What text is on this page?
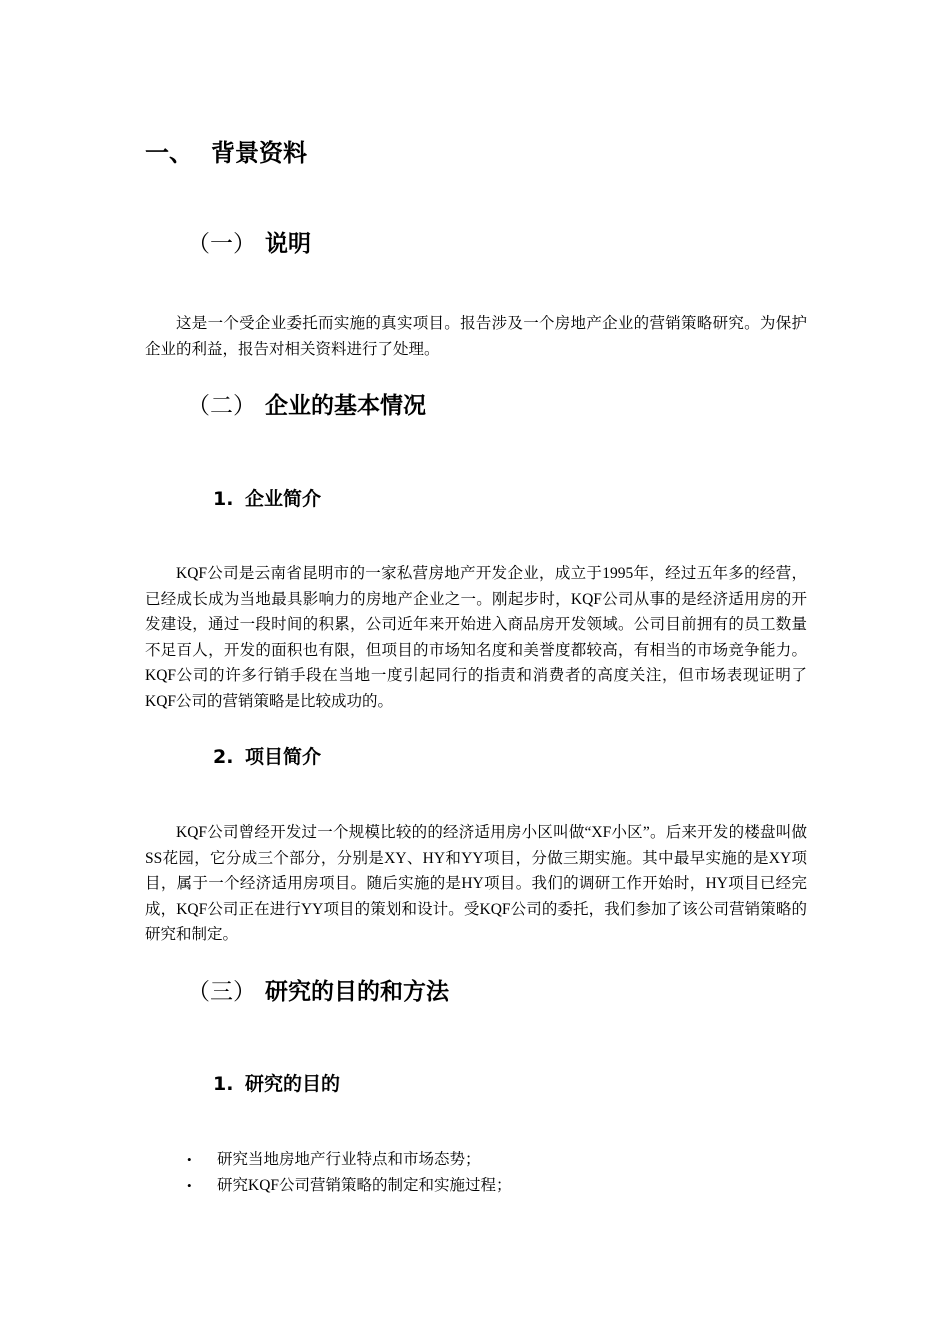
一、 背景资料
（一） 说明

这是一个受企业委托而实施的真实项目。报告涉及一个房地产企业的营销策略研究。为保护企业的利益，报告对相关资料进行了处理。

（二） 企业的基本情况
1. 企业简介

KQF公司是云南省昆明市的一家私营房地产开发企业，成立于1995年，经过五年多的经营，已经成长成为当地最具影响力的房地产企业之一。刚起步时，KQF公司从事的是经济适用房的开发建设，通过一段时间的积累，公司近年来开始进入商品房开发领域。公司目前拥有的员工数量不足百人，开发的面积也有限，但项目的市场知名度和美誉度都较高，有相当的市场竞争能力。KQF公司的许多行销手段在当地一度引起同行的指责和消费者的高度关注，但市场表现证明了KQF公司的营销策略是比较成功的。

2. 项目简介

KQF公司曾经开发过一个规模比较的的经济适用房小区叫做“XF小区”。后来开发的楼盘叫做SS花园，它分成三个部分，分别是XY、HY和YY项目，分做三期实施。其中最早实施的是XY项目，属于一个经济适用房项目。随后实施的是HY项目。我们的调研工作开始时，HY项目已经完成，KQF公司正在进行YY项目的策划和设计。受KQF公司的委托，我们参加了该公司营销策略的研究和制定。

（三） 研究的目的和方法
1. 研究的目的
• 研究当地房地产行业特点和市场态势；
• 研究KQF公司营销策略的制定和实施过程；
